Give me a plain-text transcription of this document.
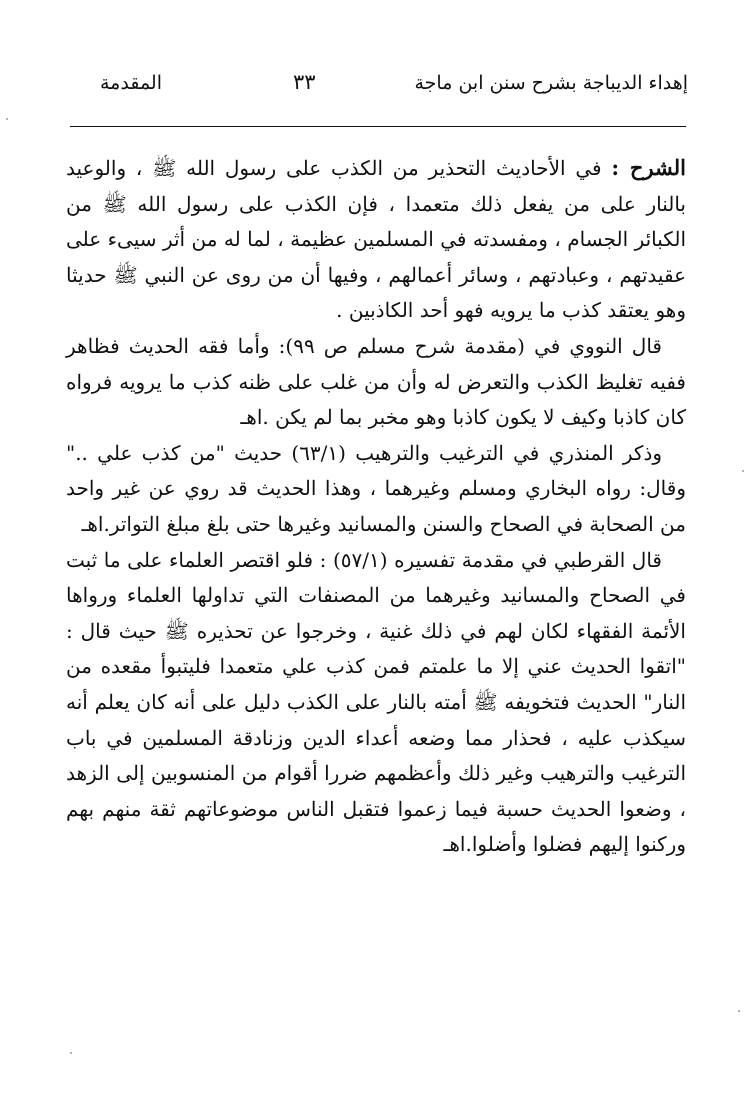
إهداء الديباجة بشرح سنن ابن ماجة
٣٣
المقدمة

الشرح : في الأحاديث التحذير من الكذب على رسول الله ﷺ ، والوعيد بالنار على من يفعل ذلك متعمدا ، فإن الكذب على رسول الله ﷺ من الكبائر الجسام ، ومفسدته في المسلمين عظيمة ، لما له من أثر سيىء على عقيدتهم ، وعبادتهم ، وسائر أعمالهم ، وفيها أن من روى عن النبي ﷺ حديثا وهو يعتقد كذب ما يرويه فهو أحد الكاذبين .

قال النووي في (مقدمة شرح مسلم ص ٩٩): وأما فقه الحديث فظاهر ففيه تغليظ الكذب والتعرض له وأن من غلب على ظنه كذب ما يرويه فرواه كان كاذبا وكيف لا يكون كاذبا وهو مخبر بما لم يكن .اهـ

وذكر المنذري في الترغيب والترهيب (٦٣/١) حديث "من كذب علي .." وقال: رواه البخاري ومسلم وغيرهما ، وهذا الحديث قد روي عن غير واحد من الصحابة في الصحاح والسنن والمسانيد وغيرها حتى بلغ مبلغ التواتر.اهـ

قال القرطبي في مقدمة تفسيره (٥٧/١) : فلو اقتصر العلماء على ما ثبت في الصحاح والمسانيد وغيرهما من المصنفات التي تداولها العلماء ورواها الأئمة الفقهاء لكان لهم في ذلك غنية ، وخرجوا عن تحذيره ﷺ حيث قال : "اتقوا الحديث عني إلا ما علمتم فمن كذب علي متعمدا فليتبوأ مقعده من النار" الحديث فتخويفه ﷺ أمته بالنار على الكذب دليل على أنه كان يعلم أنه سيكذب عليه ، فحذار مما وضعه أعداء الدين وزنادقة المسلمين في باب الترغيب والترهيب وغير ذلك وأعظمهم ضررا أقوام من المنسوبين إلى الزهد ، وضعوا الحديث حسبة فيما زعموا فتقبل الناس موضوعاتهم ثقة منهم بهم وركنوا إليهم فضلوا وأضلوا.اهـ
